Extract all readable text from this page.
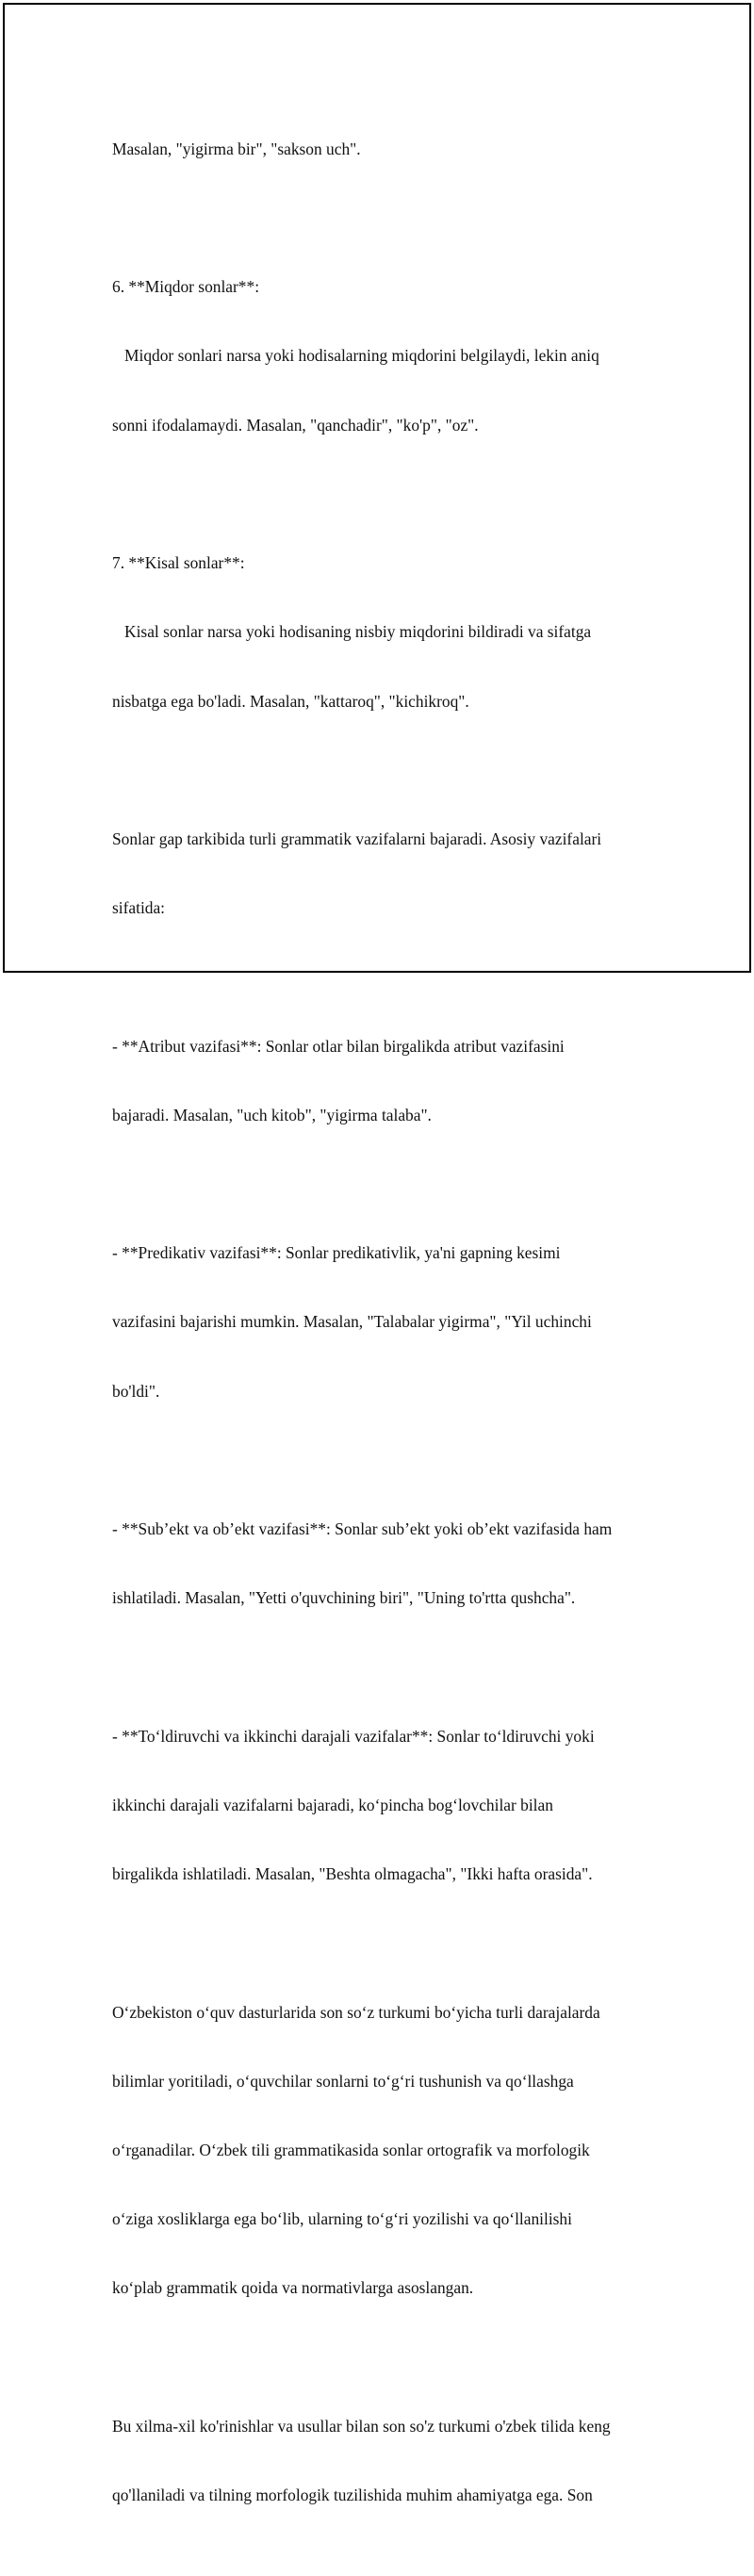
Masalan, "yigirma bir", "sakson uch".

6. **Miqdor sonlar**:

Miqdor sonlari narsa yoki hodisalarning miqdorini belgilaydi, lekin aniq

sonni ifodalamaydi. Masalan, "qanchadir", "ko'p", "oz".

7. **Kisal sonlar**:

Kisal sonlar narsa yoki hodisaning nisbiy miqdorini bildiradi va sifatga

nisbatga ega bo'ladi. Masalan, "kattaroq", "kichikroq".

Sonlar gap tarkibida turli grammatik vazifalarni bajaradi. Asosiy vazifalari

sifatida:

- **Atribut vazifasi**: Sonlar otlar bilan birgalikda atribut vazifasini

bajaradi. Masalan, "uch kitob", "yigirma talaba".

- **Predikativ vazifasi**: Sonlar predikativlik, ya'ni gapning kesimi

vazifasini bajarishi mumkin. Masalan, "Talabalar yigirma", "Yil uchinchi

bo'ldi".

- **Sub’ekt va ob’ekt vazifasi**: Sonlar sub’ekt yoki ob’ekt vazifasida ham

ishlatiladi. Masalan, "Yetti o'quvchining biri", "Uning to'rtta qushcha".

- **To‘ldiruvchi va ikkinchi darajali vazifalar**: Sonlar to‘ldiruvchi yoki

ikkinchi darajali vazifalarni bajaradi, ko‘pincha bog‘lovchilar bilan

birgalikda ishlatiladi. Masalan, "Beshta olmagacha", "Ikki hafta orasida".

O‘zbekiston o‘quv dasturlarida son so‘z turkumi bo‘yicha turli darajalarda

bilimlar yoritiladi, o‘quvchilar sonlarni to‘g‘ri tushunish va qo‘llashga

o‘rganadilar. O‘zbek tili grammatikasida sonlar ortografik va morfologik

o‘ziga xosliklarga ega bo‘lib, ularning to‘g‘ri yozilishi va qo‘llanilishi

ko‘plab grammatik qoida va normativlarga asoslangan.

Bu xilma-xil ko'rinishlar va usullar bilan son so'z turkumi o'zbek tilida keng

qo'llaniladi va tilning morfologik tuzilishida muhim ahamiyatga ega. Son
